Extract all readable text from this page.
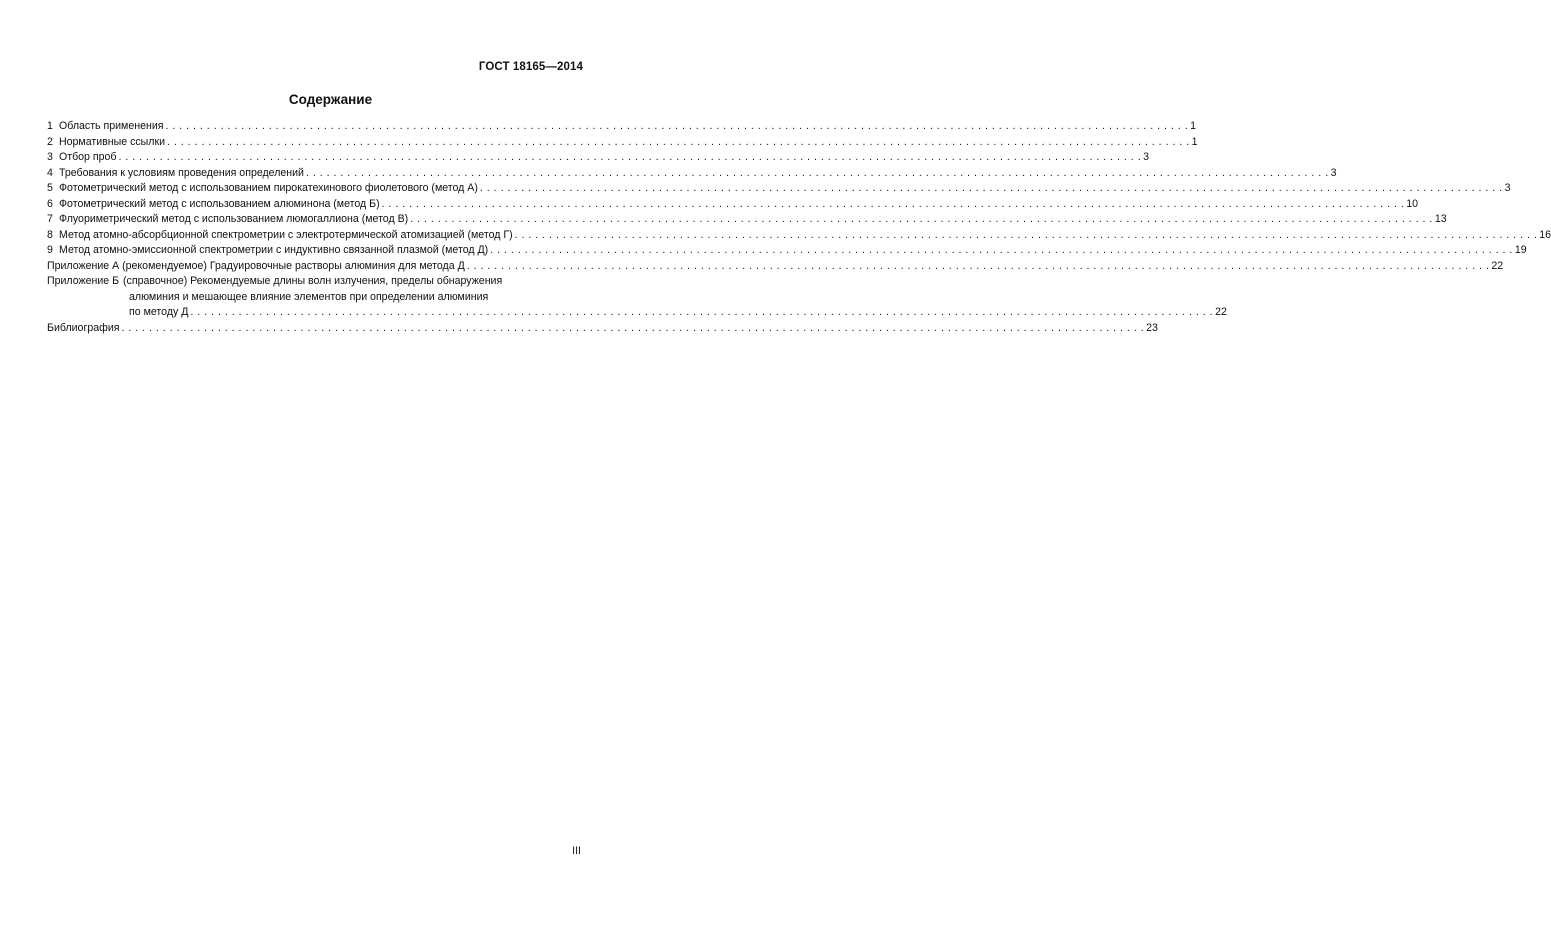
ГОСТ 18165—2014
Содержание
1 Область применения . . .	1
2 Нормативные ссылки . . .	1
3 Отбор проб . . .	3
4 Требования к условиям проведения определений . . .	3
5 Фотометрический метод с использованием пирокатехинового фиолетового (метод А) . . .	3
6 Фотометрический метод с использованием алюминона (метод Б) . . .	10
7 Флуориметрический метод с использованием люмогаллиона (метод В) . . .	13
8 Метод атомно-абсорбционной спектрометрии с электротермической атомизацией (метод Г) . . .	16
9 Метод атомно-эмиссионной спектрометрии с индуктивно связанной плазмой (метод Д) . . .	19
Приложение А (рекомендуемое) Градуировочные растворы алюминия для метода Д . . .	22
Приложение Б (справочное) Рекомендуемые длины волн излучения, пределы обнаружения
алюминия и мешающее влияние элементов при определении алюминия
по методу Д . . .	22
Библиография . . .	23
III
